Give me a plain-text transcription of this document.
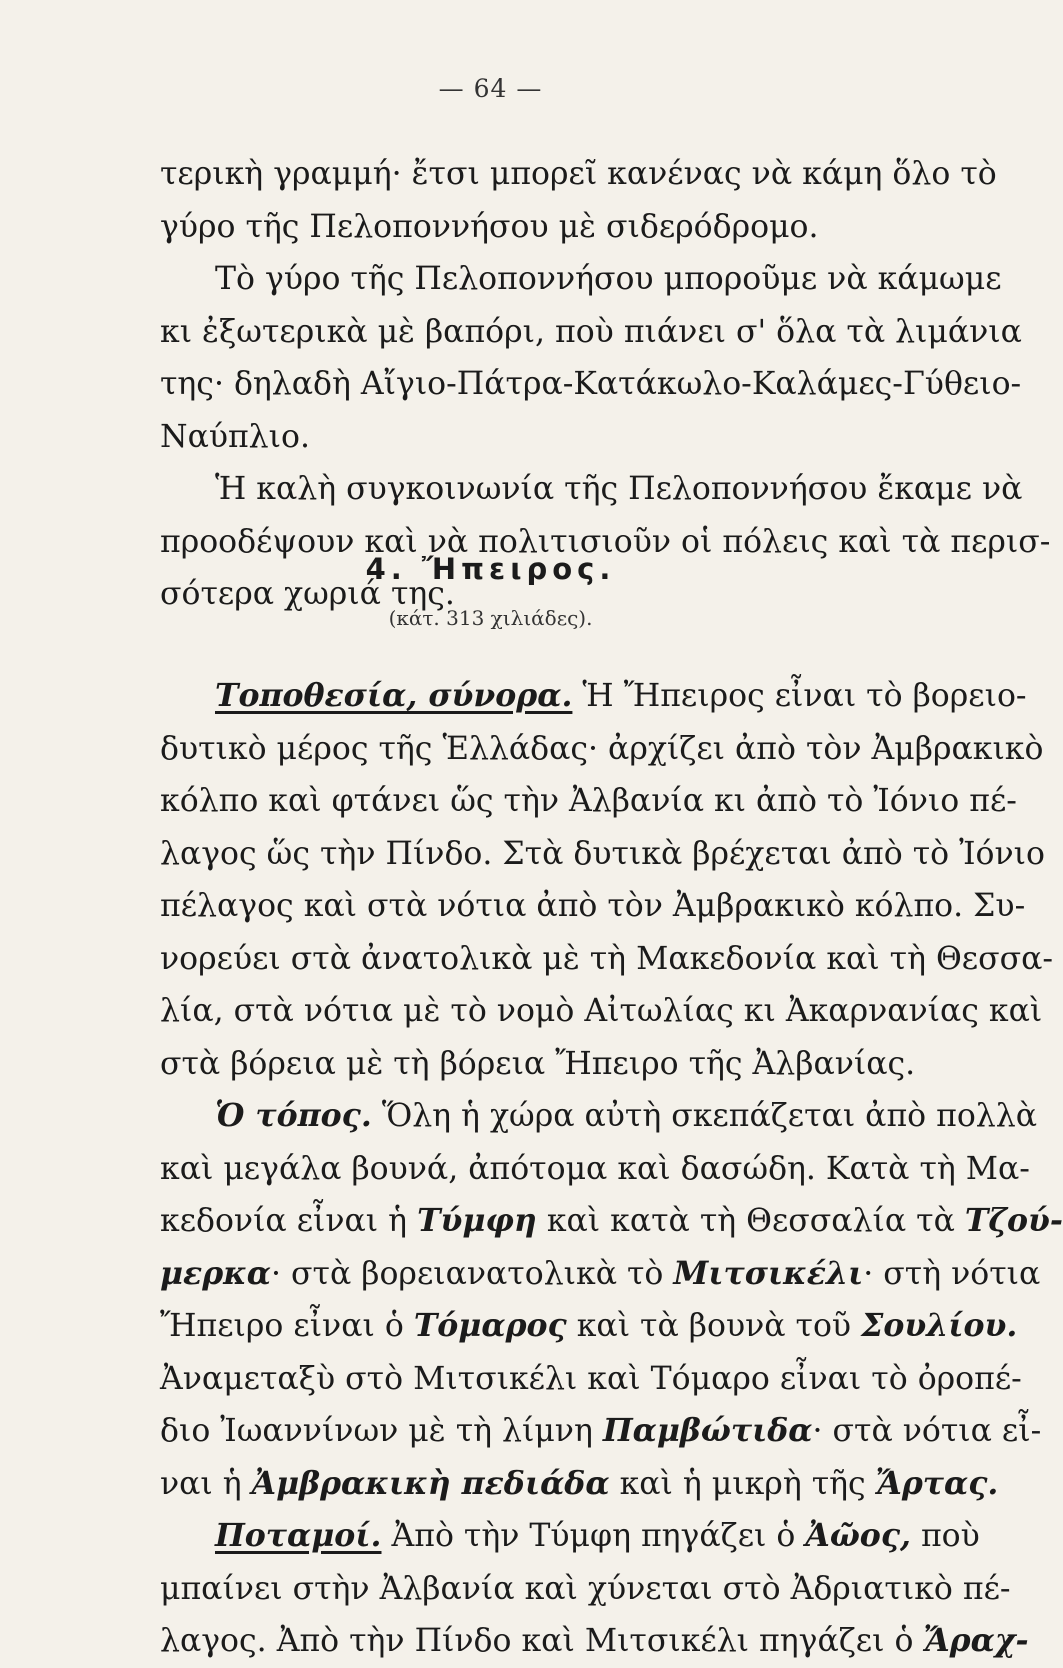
— 64 —
τερικὴ γραμμή· ἔτσι μπορεῖ κανένας νὰ κάμη ὅλο τὸ
γύρο τῆς Πελοποννήσου μὲ σιδερόδρομο.
Τὸ γύρο τῆς Πελοποννήσου μποροῦμε νὰ κάμωμε
κι ἐξωτερικὰ μὲ βαπόρι, ποὺ πιάνει σ' ὅλα τὰ λιμάνια
της· δηλαδὴ Αἴγιο-Πάτρα-Κατάκωλο-Καλάμες-Γύθειο-
Ναύπλιο.
Ἡ καλὴ συγκοινωνία τῆς Πελοποννήσου ἔκαμε νὰ
προοδέψουν καὶ νὰ πολιτισιοῦν οἱ πόλεις καὶ τὰ περισ-
σότερα χωριά της.
4. Ἤπειρος.
(κάτ. 313 χιλιάδες).
Τοποθεσία, σύνορα. Ἡ Ἤπειρος εἶναι τὸ βορειο-
δυτικὸ μέρος τῆς Ἑλλάδας· ἀρχίζει ἀπὸ τὸν Ἀμβρακικὸ
κόλπο καὶ φτάνει ὥς τὴν Ἀλβανία κι ἀπὸ τὸ Ἰόνιο πέ-
λαγος ὥς τὴν Πίνδο. Στὰ δυτικὰ βρέχεται ἀπὸ τὸ Ἰόνιο
πέλαγος καὶ στὰ νότια ἀπὸ τὸν Ἀμβρακικὸ κόλπο. Συ-
νορεύει στὰ ἀνατολικὰ μὲ τὴ Μακεδονία καὶ τὴ Θεσσα-
λία, στὰ νότια μὲ τὸ νομὸ Αἰτωλίας κι Ἀκαρνανίας καὶ
στὰ βόρεια μὲ τὴ βόρεια Ἤπειρο τῆς Ἀλβανίας.
Ὁ τόπος. Ὅλη ἡ χώρα αὐτὴ σκεπάζεται ἀπὸ πολλὰ
καὶ μεγάλα βουνά, ἀπότομα καὶ δασώδη. Κατὰ τὴ Μα-
κεδονία εἶναι ἡ Τύμφη καὶ κατὰ τὴ Θεσσαλία τὰ Τζού-
μερκα· στὰ βορειανατολικὰ τὸ Μιτσικέλι· στὴ νότια
Ἤπειρο εἶναι ὁ Τόμαρος καὶ τὰ βουνὰ τοῦ Σουλίου.
Ἀναμεταξὺ στὸ Μιτσικέλι καὶ Τόμαρο εἶναι τὸ ὀροπέ-
διο Ἰωαννίνων μὲ τὴ λίμνη Παμβώτιδα· στὰ νότια εἶ-
ναι ἡ Ἀμβρακικὴ πεδιάδα καὶ ἡ μικρὴ τῆς Ἄρτας.
Ποταμοί. Ἀπὸ τὴν Τύμφη πηγάζει ὁ Ἀῶος, ποὺ
μπαίνει στὴν Ἀλβανία καὶ χύνεται στὸ Ἀδριατικὸ πέ-
λαγος. Ἀπὸ τὴν Πίνδο καὶ Μιτσικέλι πηγάζει ὁ Ἄραχ-
